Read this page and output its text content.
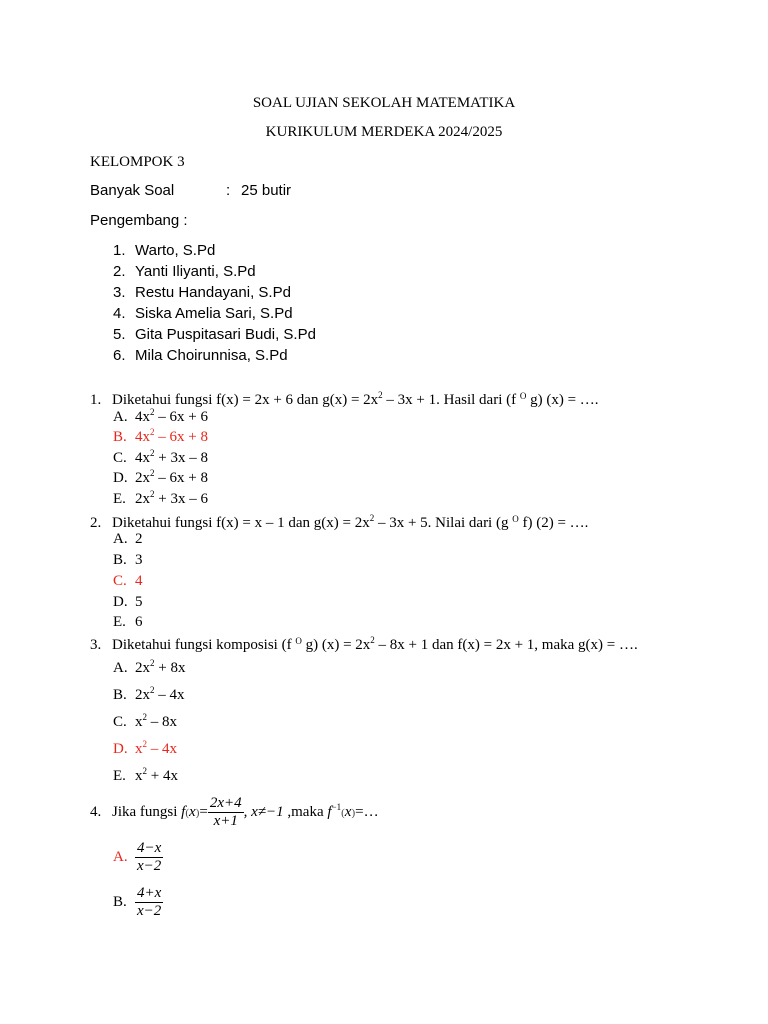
SOAL UJIAN SEKOLAH MATEMATIKA
KURIKULUM MERDEKA 2024/2025
KELOMPOK 3
Banyak Soal	: 25 butir
Pengembang :
1. Warto, S.Pd
2. Yanti Iliyanti, S.Pd
3. Restu Handayani, S.Pd
4. Siska Amelia Sari, S.Pd
5. Gita Puspitasari Budi, S.Pd
6. Mila Choirunnisa, S.Pd
1. Diketahui fungsi f(x) = 2x + 6 dan $g(x) = 2x^2 - 3x + 1$. Hasil dari (f $^O$ g) (x) = ….
A. $4x^2 - 6x + 6$
B. $4x^2 - 6x + 8$
C. $4x^2 + 3x - 8$
D. $2x^2 - 6x + 8$
E. $2x^2 + 3x - 6$
2. Diketahui fungsi f(x) = x – 1 dan $g(x) = 2x^2 - 3x + 5$. Nilai dari (g $^O$ f) (2) = ….
A. 2
B. 3
C. 4
D. 5
E. 6
3. Diketahui fungsi komposisi (f $^O$ g) $(x) = 2x^2 - 8x + 1$ dan f(x) = 2x + 1, maka g(x) = ….
A. $2x^2 + 8x$
B. $2x^2 - 4x$
C. $x^2 - 8x$
D. $x^2 - 4x$
E. $x^2 + 4x$
4. Jika fungsi $f(x)= \frac{2x+4}{x+1}$ , x≠−1 ,maka $f^{-1}(x)=\dots$
A. $\frac{4-x}{x-2}$
B. $\frac{4+x}{x-2}$
